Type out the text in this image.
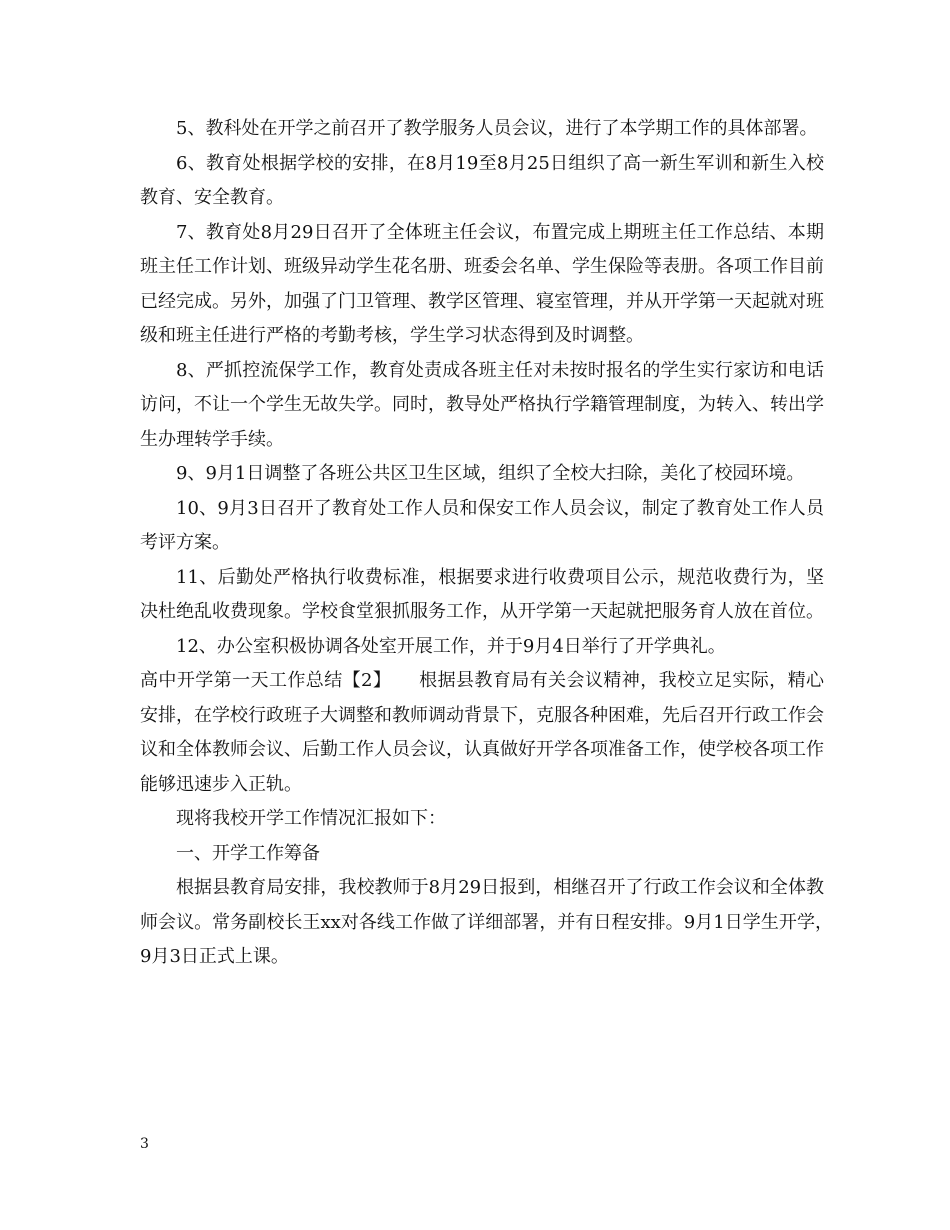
5、教科处在开学之前召开了教学服务人员会议，进行了本学期工作的具体部署。

6、教育处根据学校的安排，在8月19至8月25日组织了高一新生军训和新生入校教育、安全教育。

7、教育处8月29日召开了全体班主任会议，布置完成上期班主任工作总结、本期班主任工作计划、班级异动学生花名册、班委会名单、学生保险等表册。各项工作目前已经完成。另外，加强了门卫管理、教学区管理、寝室管理，并从开学第一天起就对班级和班主任进行严格的考勤考核，学生学习状态得到及时调整。

8、严抓控流保学工作，教育处责成各班主任对未按时报名的学生实行家访和电话访问，不让一个学生无故失学。同时，教导处严格执行学籍管理制度，为转入、转出学生办理转学手续。

9、9月1日调整了各班公共区卫生区域，组织了全校大扫除，美化了校园环境。

10、9月3日召开了教育处工作人员和保安工作人员会议，制定了教育处工作人员考评方案。

11、后勤处严格执行收费标准，根据要求进行收费项目公示，规范收费行为，坚决杜绝乱收费现象。学校食堂狠抓服务工作，从开学第一天起就把服务育人放在首位。

12、办公室积极协调各处室开展工作，并于9月4日举行了开学典礼。

高中开学第一天工作总结【2】　　根据县教育局有关会议精神，我校立足实际，精心安排，在学校行政班子大调整和教师调动背景下，克服各种困难，先后召开行政工作会议和全体教师会议、后勤工作人员会议，认真做好开学各项准备工作，使学校各项工作能够迅速步入正轨。

现将我校开学工作情况汇报如下：

一、开学工作筹备

根据县教育局安排，我校教师于8月29日报到，相继召开了行政工作会议和全体教师会议。常务副校长王xx对各线工作做了详细部署，并有日程安排。9月1日学生开学，　9月3日正式上课。

3
